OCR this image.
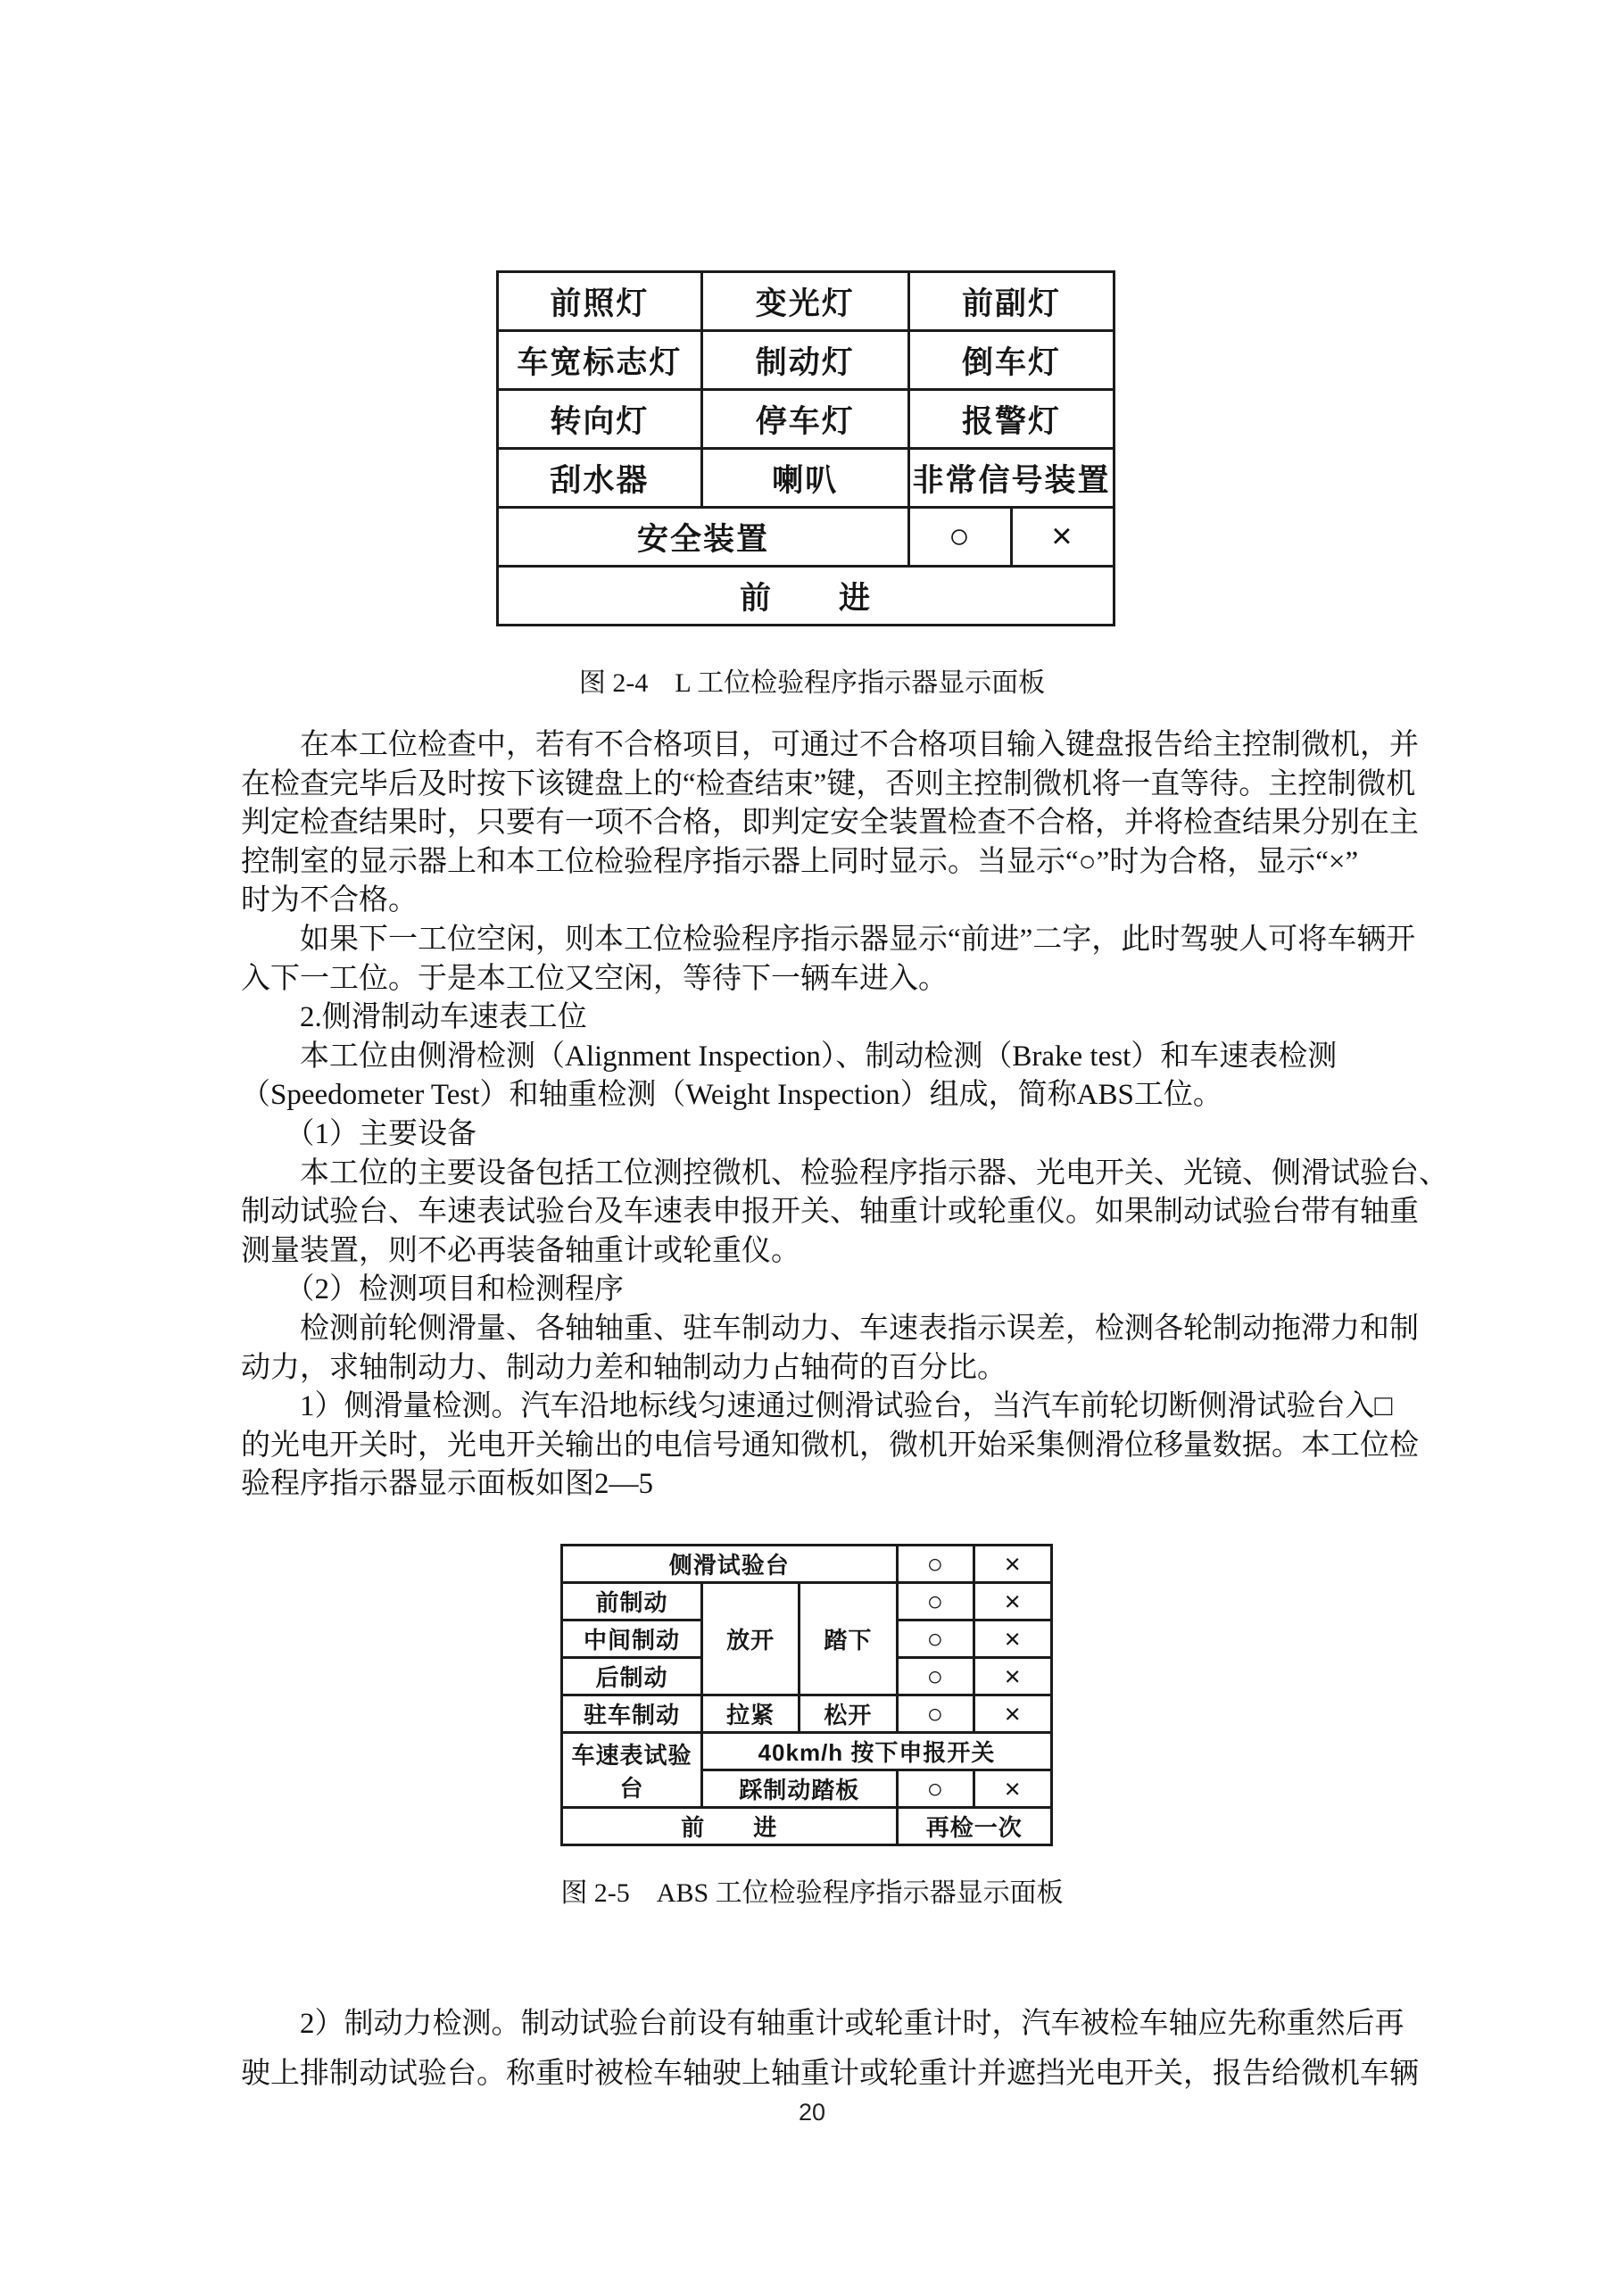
前照灯	变光灯	前副灯	
车宽标志灯	制动灯	倒车灯	
转向灯	停车灯	报警灯	
刮水器	喇叭	非常信号装置	
安全装置		○	×
前　　进			
图 2-4　L 工位检验程序指示器显示面板
　　在本工位检查中，若有不合格项目，可通过不合格项目输入键盘报告给主控制微机，并
在检查完毕后及时按下该键盘上的“检查结束”键，否则主控制微机将一直等待。主控制微机
判定检查结果时，只要有一项不合格，即判定安全装置检查不合格，并将检查结果分别在主
控制室的显示器上和本工位检验程序指示器上同时显示。当显示“○”时为合格，显示“×”
时为不合格。
　　如果下一工位空闲，则本工位检验程序指示器显示“前进”二字，此时驾驶人可将车辆开
入下一工位。于是本工位又空闲，等待下一辆车进入。
　　2.侧滑制动车速表工位
　　本工位由侧滑检测（Alignment Inspection）、制动检测（Brake test）和车速表检测
（Speedometer Test）和轴重检测（Weight Inspection）组成，简称ABS工位。
　　（1）主要设备
　　本工位的主要设备包括工位测控微机、检验程序指示器、光电开关、光镜、侧滑试验台、
制动试验台、车速表试验台及车速表申报开关、轴重计或轮重仪。如果制动试验台带有轴重
测量装置，则不必再装备轴重计或轮重仪。
　　（2）检测项目和检测程序
　　检测前轮侧滑量、各轴轴重、驻车制动力、车速表指示误差，检测各轮制动拖滞力和制
动力，求轴制动力、制动力差和轴制动力占轴荷的百分比。
　　1）侧滑量检测。汽车沿地标线匀速通过侧滑试验台，当汽车前轮切断侧滑试验台入□
的光电开关时，光电开关输出的电信号通知微机，微机开始采集侧滑位移量数据。本工位检
验程序指示器显示面板如图2—5
侧滑试验台			○	×
前制动	放开	踏下	○	×
中间制动			○	×
后制动			○	×
驻车制动	拉紧	松开	○	×
车速表试验台	40km/h 按下申报开关			
	踩制动踏板		○	×
前　　进			再检一次	
图 2-5　ABS 工位检验程序指示器显示面板
　　2）制动力检测。制动试验台前设有轴重计或轮重计时，汽车被检车轴应先称重然后再
驶上排制动试验台。称重时被检车轴驶上轴重计或轮重计并遮挡光电开关，报告给微机车辆
20
